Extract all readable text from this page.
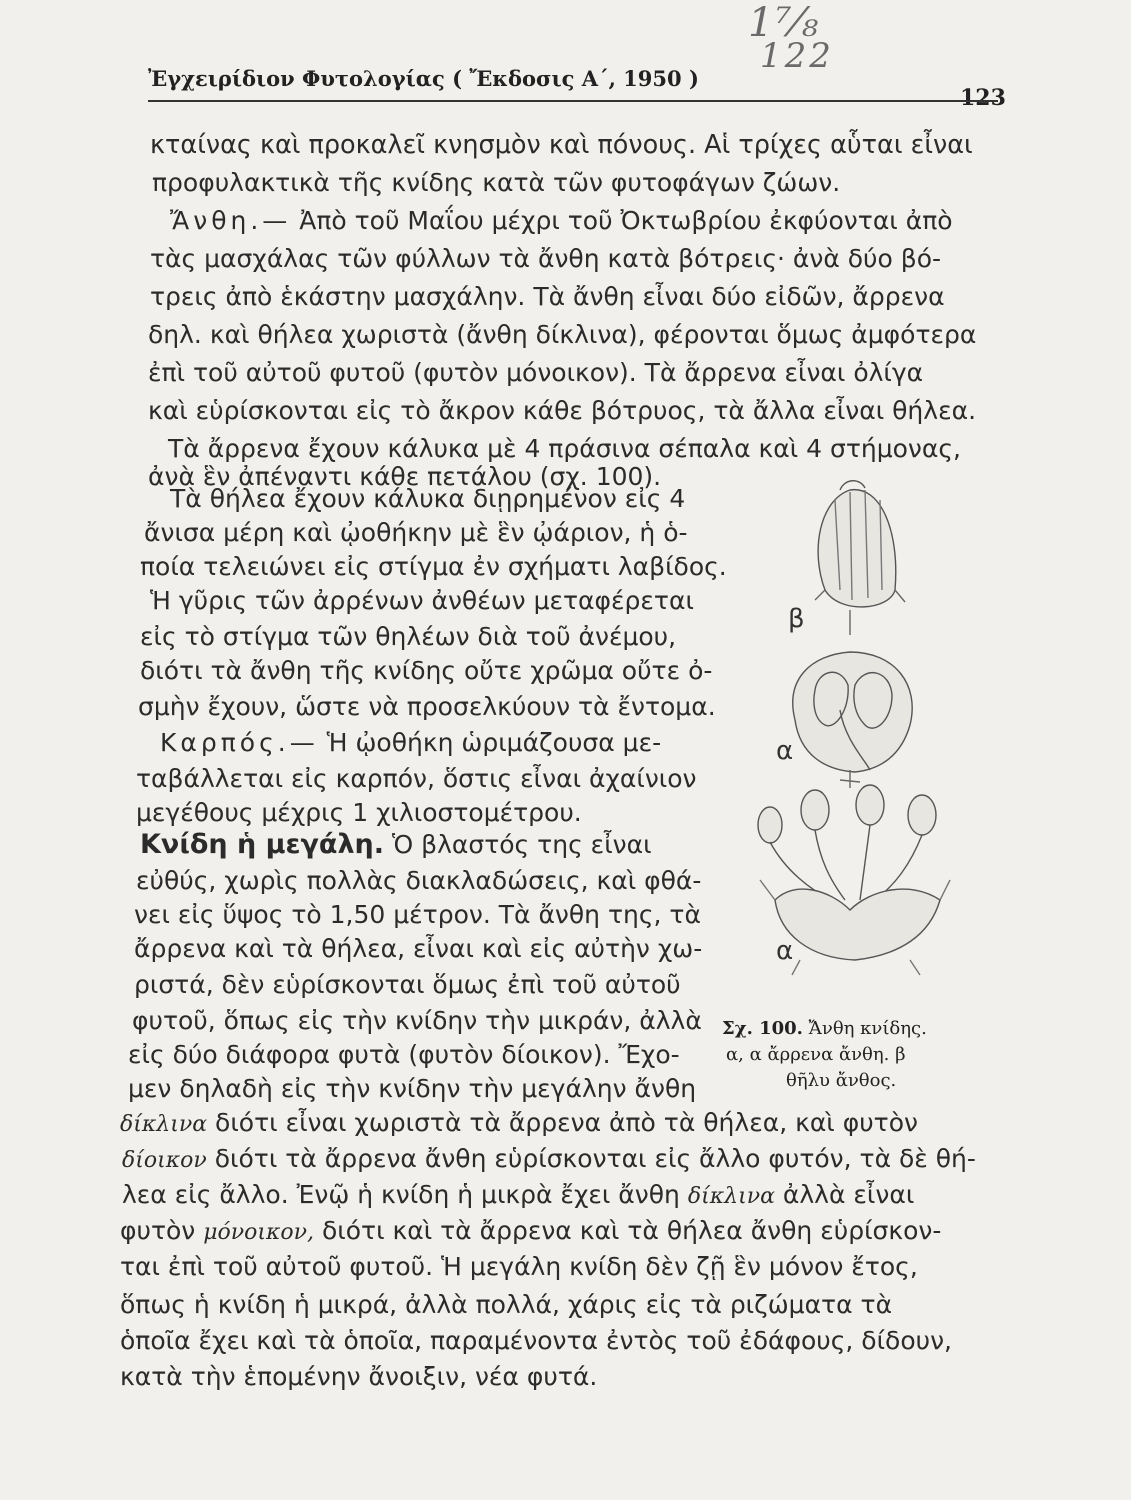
1⁷⁄₈
122
Ἐγχειρίδιον Φυτολογίας ( Ἔκδοσις Α΄, 1950 )
123
κταίνας καὶ προκαλεῖ κνησμὸν καὶ πόνους. Αἱ τρίχες αὗται εἶναι
προφυλακτικὰ τῆς κνίδης κατὰ τῶν φυτοφάγων ζώων.
Ἄνθη.— Ἀπὸ τοῦ Μαΐου μέχρι τοῦ Ὀκτωβρίου ἐκφύονται ἀπὸ
τὰς μασχάλας τῶν φύλλων τὰ ἄνθη κατὰ βότρεις· ἀνὰ δύο βό-
τρεις ἀπὸ ἑκάστην μασχάλην. Τὰ ἄνθη εἶναι δύο εἰδῶν, ἄρρενα
δηλ. καὶ θήλεα χωριστὰ (ἄνθη δίκλινα), φέρονται ὅμως ἀμφότερα
ἐπὶ τοῦ αὐτοῦ φυτοῦ (φυτὸν μόνοικον). Τὰ ἄρρενα εἶναι ὀλίγα
καὶ εὑρίσκονται εἰς τὸ ἄκρον κάθε βότρυος, τὰ ἄλλα εἶναι θήλεα.
Τὰ ἄρρενα ἔχουν κάλυκα μὲ 4 πράσινα σέπαλα καὶ 4 στήμονας,
ἀνὰ ἓν ἀπέναντι κάθε πετάλου (σχ. 100).
Τὰ θήλεα ἔχουν κάλυκα διῃρημένον εἰς 4
ἄνισα μέρη καὶ ᾠοθήκην μὲ ἓν ᾠάριον, ἡ ὁ-
ποία τελειώνει εἰς στίγμα ἐν σχήματι λαβίδος.
Ἡ γῦρις τῶν ἀρρένων ἀνθέων μεταφέρεται
εἰς τὸ στίγμα τῶν θηλέων διὰ τοῦ ἀνέμου,
διότι τὰ ἄνθη τῆς κνίδης οὔτε χρῶμα οὔτε ὀ-
σμὴν ἔχουν, ὥστε νὰ προσελκύουν τὰ ἔντομα.
Καρπός.— Ἡ ᾠοθήκη ὡριμάζουσα με-
ταβάλλεται εἰς καρπόν, ὅστις εἶναι ἀχαίνιον
μεγέθους μέχρις 1 χιλιοστομέτρου.
Κνίδη ἡ μεγάλη. Ὁ βλαστός της εἶναι
εὐθύς, χωρὶς πολλὰς διακλαδώσεις, καὶ φθά-
νει εἰς ὕψος τὸ 1,50 μέτρον. Τὰ ἄνθη της, τὰ
ἄρρενα καὶ τὰ θήλεα, εἶναι καὶ εἰς αὐτὴν χω-
ριστά, δὲν εὑρίσκονται ὅμως ἐπὶ τοῦ αὐτοῦ
φυτοῦ, ὅπως εἰς τὴν κνίδην τὴν μικράν, ἀλλὰ
εἰς δύο διάφορα φυτὰ (φυτὸν δίοικον). Ἔχο-
μεν δηλαδὴ εἰς τὴν κνίδην τὴν μεγάλην ἄνθη
δίκλινα διότι εἶναι χωριστὰ τὰ ἄρρενα ἀπὸ τὰ θήλεα, καὶ φυτὸν
δίοικον διότι τὰ ἄρρενα ἄνθη εὑρίσκονται εἰς ἄλλο φυτόν, τὰ δὲ θή-
λεα εἰς ἄλλο. Ἐνῷ ἡ κνίδη ἡ μικρὰ ἔχει ἄνθη δίκλινα ἀλλὰ εἶναι
φυτὸν μόνοικον, διότι καὶ τὰ ἄρρενα καὶ τὰ θήλεα ἄνθη εὑρίσκον-
ται ἐπὶ τοῦ αὐτοῦ φυτοῦ. Ἡ μεγάλη κνίδη δὲν ζῇ ἓν μόνον ἔτος,
ὅπως ἡ κνίδη ἡ μικρά, ἀλλὰ πολλά, χάρις εἰς τὰ ριζώματα τὰ
ὁποῖα ἔχει καὶ τὰ ὁποῖα, παραμένοντα ἐντὸς τοῦ ἐδάφους, δίδουν,
κατὰ τὴν ἑπομένην ἄνοιξιν, νέα φυτά.
β
α
α
Σχ. 100. Ἄνθη κνίδης.
α, α ἄρρενα ἄνθη. β
θῆλυ ἄνθος.
